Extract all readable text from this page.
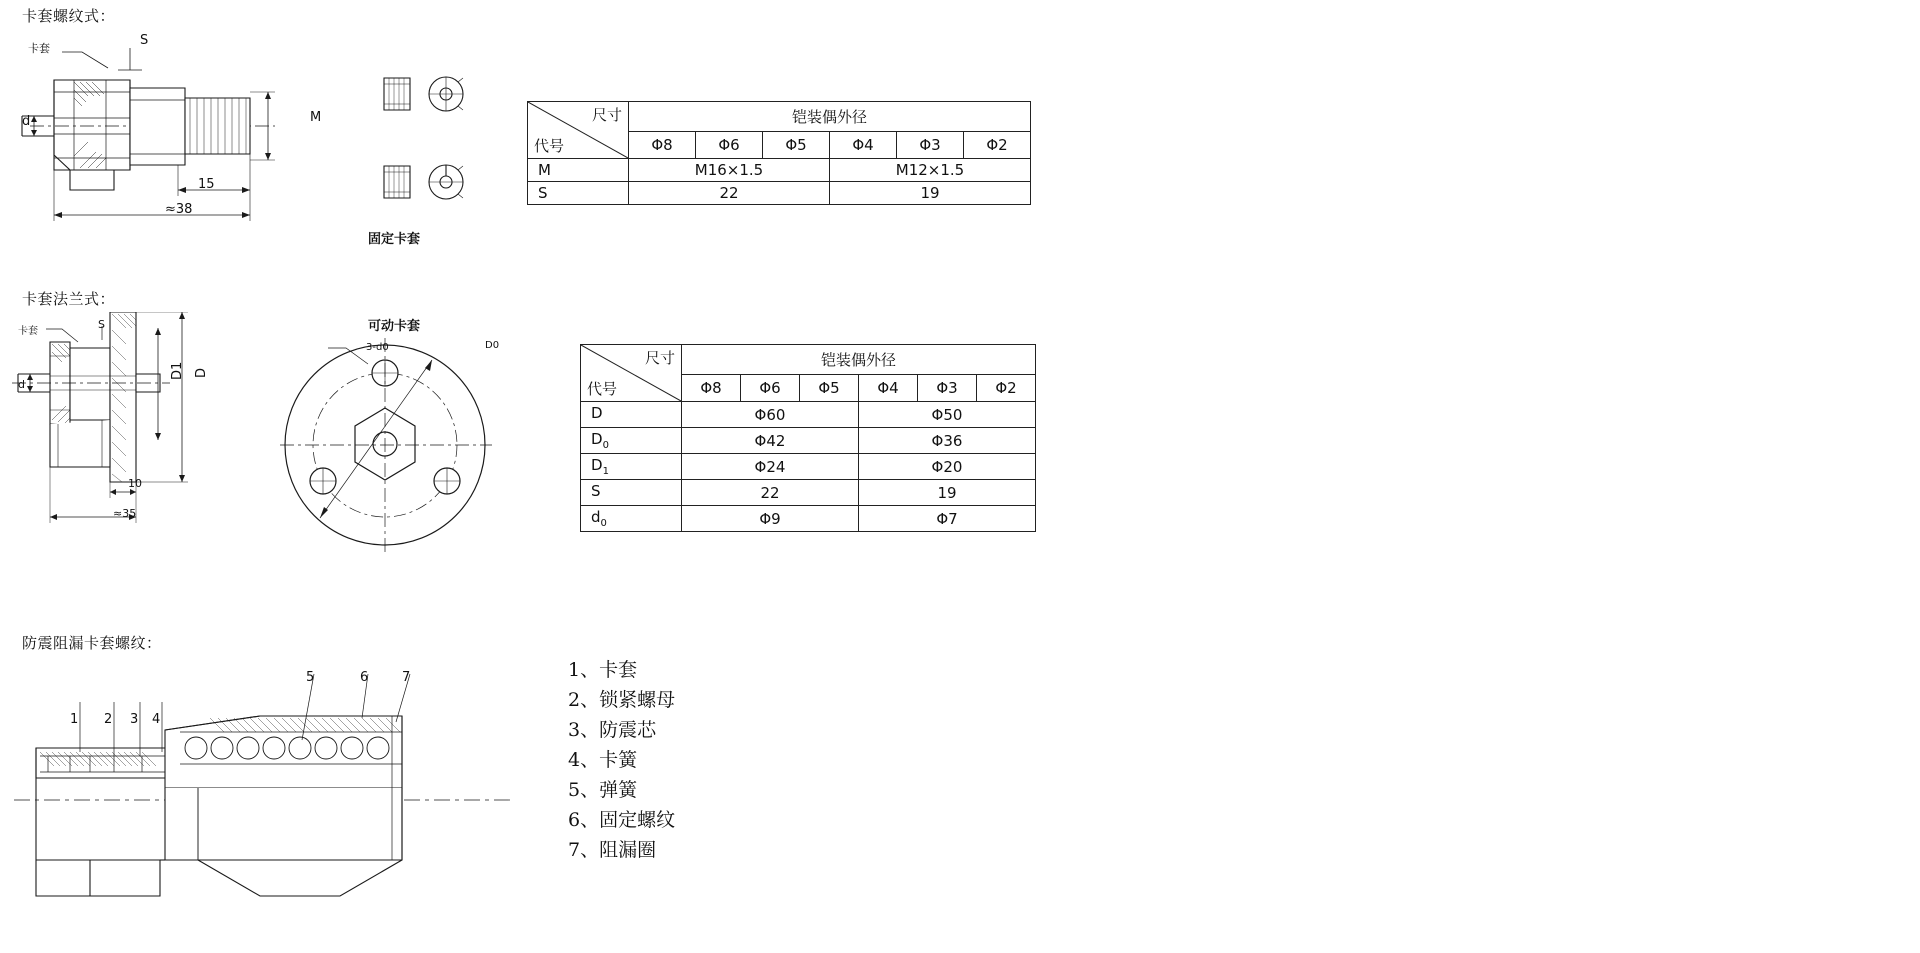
卡套螺纹式：
卡套
S
M
d
15
≈38
固定卡套
可动卡套
尺寸
代号	铠装偶外径					
	Φ8	Φ6	Φ5	Φ4	Φ3	Φ2
M	M16×1.5			M12×1.5		
S	22			19		
卡套法兰式：
卡套
S
d
D1 D
10
≈35
3-d0	D0
尺寸
代号	铠装偶外径					
	Φ8	Φ6	Φ5	Φ4	Φ3	Φ2
D	Φ60			Φ50		
$D_0$	Φ42			Φ36		
$D_1$	Φ24			Φ20		
S	22			19		
$d_0$	Φ9			Φ7		
防震阻漏卡套螺纹：
1 2 3 4
5	6	7	1、卡套
2、锁紧螺母
3、防震芯
4、卡簧
5、弹簧
6、固定螺纹
7、阻漏圈
